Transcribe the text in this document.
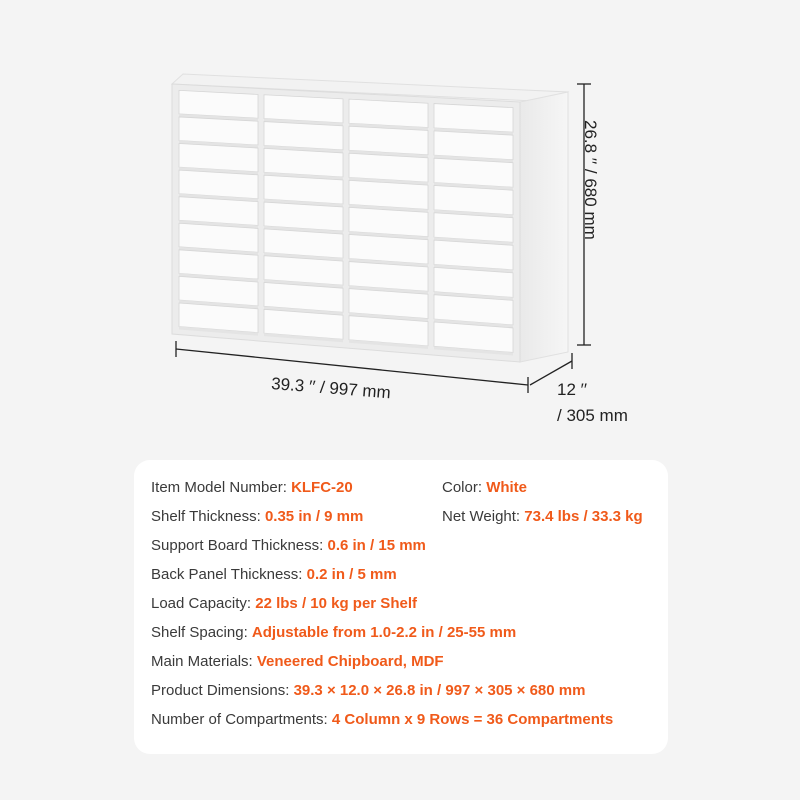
39.3 ′′ / 997 mm
26.8 ′′ / 680 mm
12 ′′
/ 305 mm
Item Model Number: KLFC-20	Color: White
Shelf Thickness: 0.35 in / 9 mm	Net Weight: 73.4 lbs / 33.3 kg
Support Board Thickness: 0.6 in / 15 mm
Back Panel Thickness: 0.2 in / 5 mm
Load Capacity: 22 lbs / 10 kg per Shelf
Shelf Spacing: Adjustable from 1.0-2.2 in / 25-55 mm
Main Materials: Veneered Chipboard, MDF
Product Dimensions: 39.3 × 12.0 × 26.8 in / 997 × 305 × 680 mm
Number of Compartments: 4 Column x 9 Rows = 36 Compartments
